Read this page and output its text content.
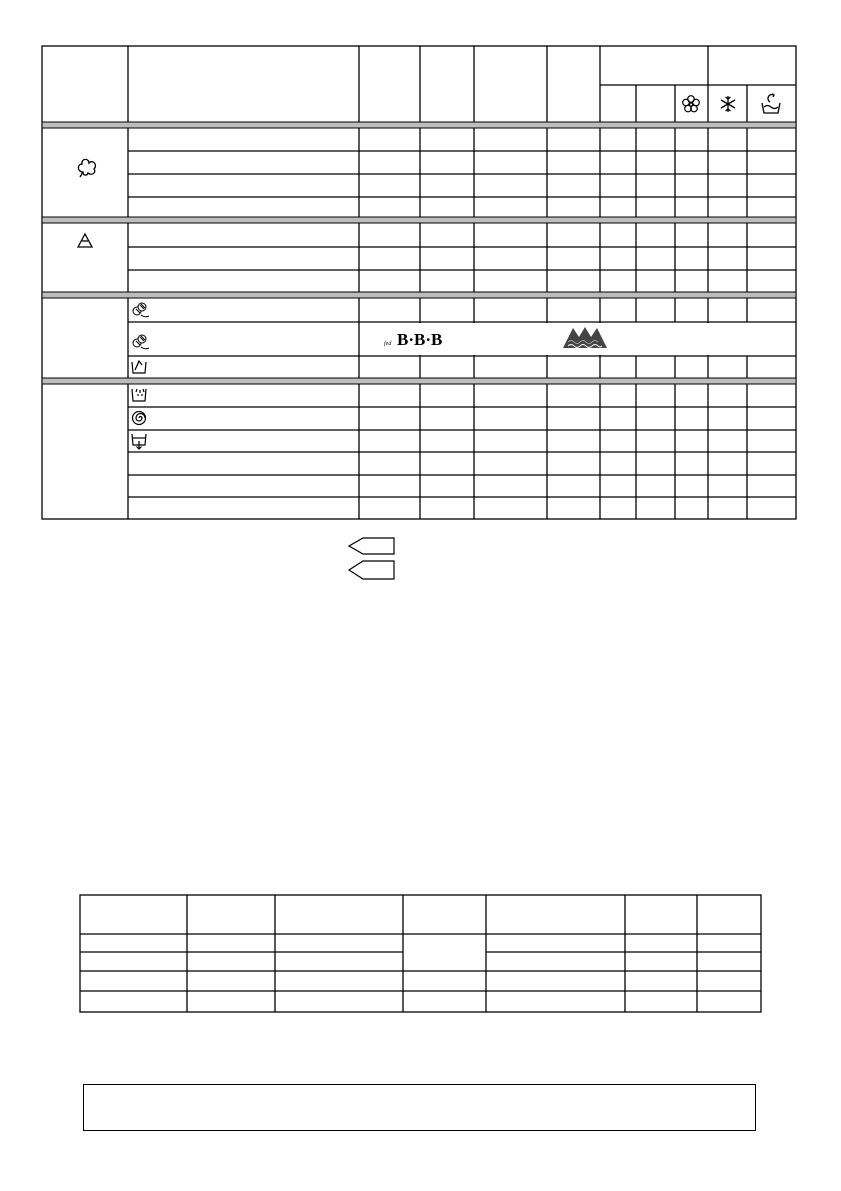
fed B·B·B
